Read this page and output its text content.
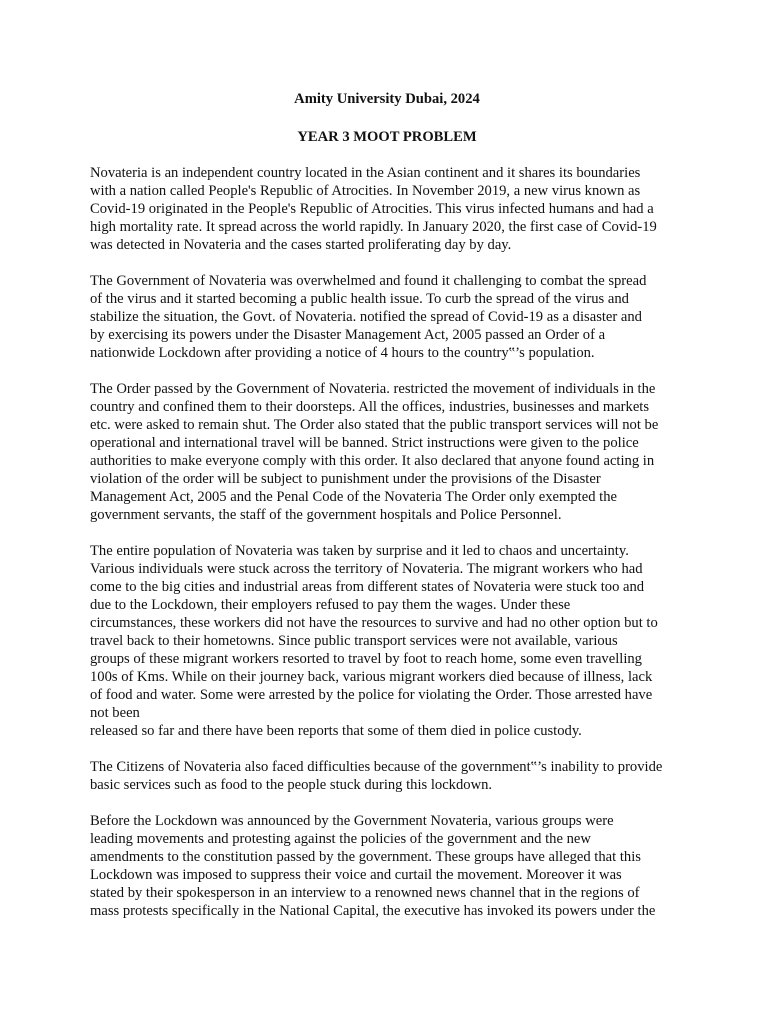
Amity University Dubai, 2024

YEAR 3 MOOT PROBLEM

Novateria is an independent country located in the Asian continent and it shares its boundaries
with a nation called People's Republic of Atrocities. In November 2019, a new virus known as
Covid-19 originated in the People's Republic of Atrocities. This virus infected humans and had a
high mortality rate. It spread across the world rapidly. In January 2020, the first case of Covid-19
was detected in Novateria and the cases started proliferating day by day.

The Government of Novateria was overwhelmed and found it challenging to combat the spread
of the virus and it started becoming a public health issue. To curb the spread of the virus and
stabilize the situation, the Govt. of Novateria. notified the spread of Covid-19 as a disaster and
by exercising its powers under the Disaster Management Act, 2005 passed an Order of a
nationwide Lockdown after providing a notice of 4 hours to the country‟’s population.

The Order passed by the Government of Novateria. restricted the movement of individuals in the
country and confined them to their doorsteps. All the offices, industries, businesses and markets
etc. were asked to remain shut. The Order also stated that the public transport services will not be
operational and international travel will be banned. Strict instructions were given to the police
authorities to make everyone comply with this order. It also declared that anyone found acting in
violation of the order will be subject to punishment under the provisions of the Disaster
Management Act, 2005 and the Penal Code of the Novateria The Order only exempted the
government servants, the staff of the government hospitals and Police Personnel.

The entire population of Novateria was taken by surprise and it led to chaos and uncertainty.
Various individuals were stuck across the territory of Novateria. The migrant workers who had
come to the big cities and industrial areas from different states of Novateria were stuck too and
due to the Lockdown, their employers refused to pay them the wages. Under these
circumstances, these workers did not have the resources to survive and had no other option but to
travel back to their hometowns. Since public transport services were not available, various
groups of these migrant workers resorted to travel by foot to reach home, some even travelling
100s of Kms. While on their journey back, various migrant workers died because of illness, lack
of food and water. Some were arrested by the police for violating the Order. Those arrested have
not been
released so far and there have been reports that some of them died in police custody.

The Citizens of Novateria also faced difficulties because of the government‟’s inability to provide
basic services such as food to the people stuck during this lockdown.

Before the Lockdown was announced by the Government Novateria, various groups were
leading movements and protesting against the policies of the government and the new
amendments to the constitution passed by the government. These groups have alleged that this
Lockdown was imposed to suppress their voice and curtail the movement. Moreover it was
stated by their spokesperson in an interview to a renowned news channel that in the regions of
mass protests specifically in the National Capital, the executive has invoked its powers under the
